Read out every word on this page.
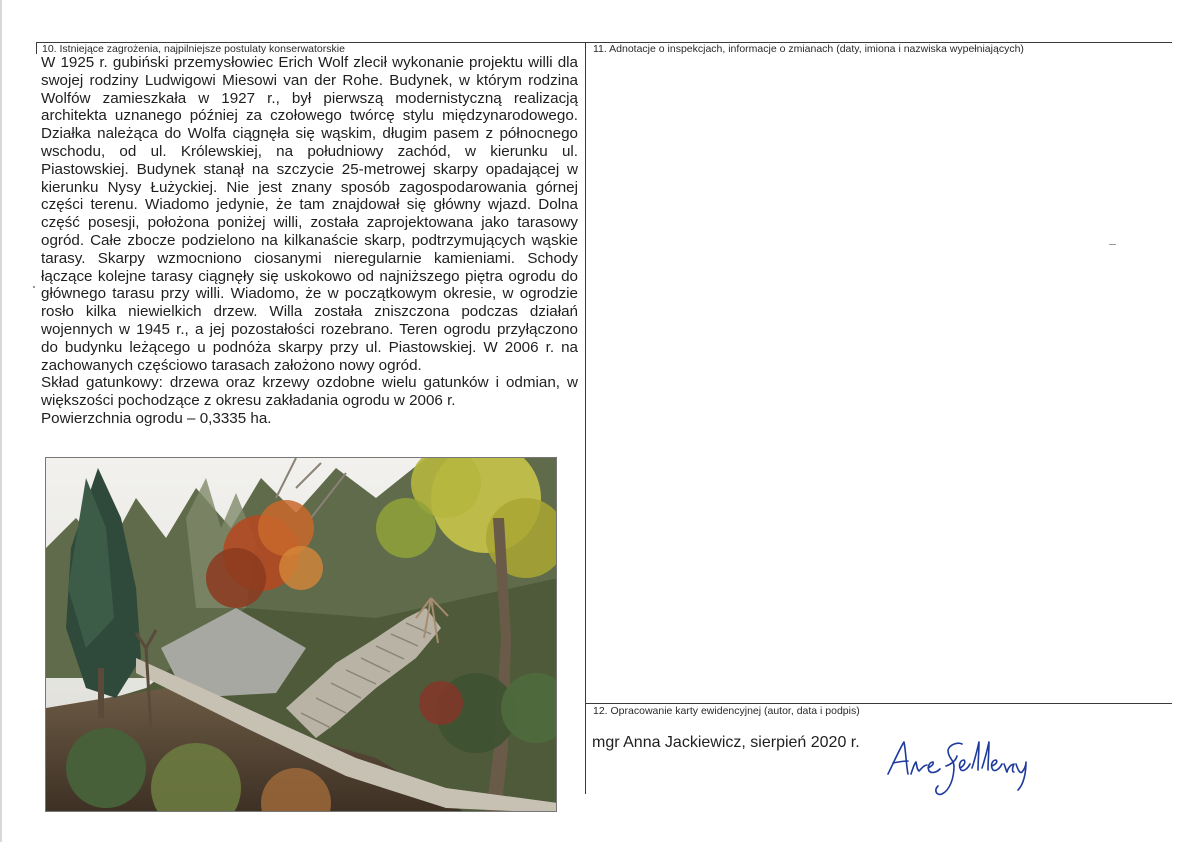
10. Istniejące zagrożenia, najpilniejsze postulaty konserwatorskie

W 1925 r. gubiński przemysłowiec Erich Wolf zlecił wykonanie projektu willi dla swojej rodziny Ludwigowi Miesowi van der Rohe. Budynek, w którym rodzina Wolfów zamieszkała w 1927 r., był pierwszą modernistyczną realizacją architekta uznanego później za czołowego twórcę stylu międzynarodowego. Działka należąca do Wolfa ciągnęła się wąskim, długim pasem z północnego wschodu, od ul. Królewskiej, na południowy zachód, w kierunku ul. Piastowskiej. Budynek stanął na szczycie 25-metrowej skarpy opadającej w kierunku Nysy Łużyckiej. Nie jest znany sposób zagospodarowania górnej części terenu. Wiadomo jedynie, że tam znajdował się główny wjazd. Dolna część posesji, położona poniżej willi, została zaprojektowana jako tarasowy ogród. Całe zbocze podzielono na kilkanaście skarp, podtrzymujących wąskie tarasy. Skarpy wzmocniono ciosanymi nieregularnie kamieniami. Schody łączące kolejne tarasy ciągnęły się uskokowo od najniższego piętra ogrodu do głównego tarasu przy willi. Wiadomo, że w początkowym okresie, w ogrodzie rosło kilka niewielkich drzew. Willa została zniszczona podczas działań wojennych w 1945 r., a jej pozostałości rozebrano. Teren ogrodu przyłączono do budynku leżącego u podnóża skarpy przy ul. Piastowskiej. W 2006 r. na zachowanych częściowo tarasach założono nowy ogród.

Skład gatunkowy: drzewa oraz krzewy ozdobne wielu gatunków i odmian, w większości pochodzące z okresu zakładania ogrodu w 2006 r.

Powierzchnia ogrodu – 0,3335 ha.

11. Adnotacje o inspekcjach, informacje o zmianach (daty, imiona i nazwiska wypełniających)
12. Opracowanie karty ewidencyjnej (autor, data i podpis)
mgr Anna Jackiewicz, sierpień 2020 r.
